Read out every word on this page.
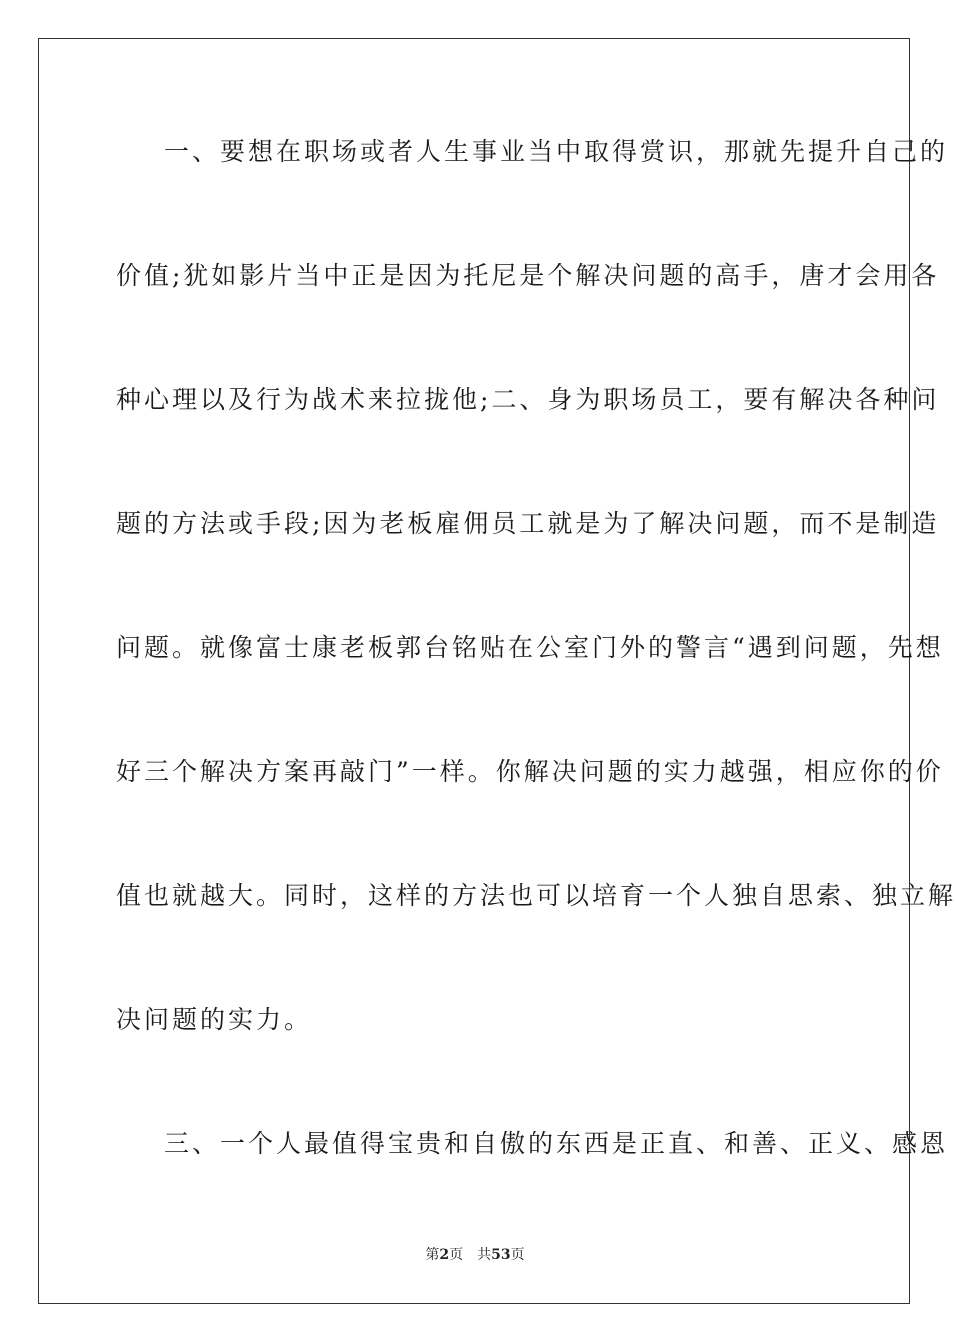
一、要想在职场或者人生事业当中取得赏识，那就先提升自己的
价值;犹如影片当中正是因为托尼是个解决问题的高手，唐才会用各
种心理以及行为战术来拉拢他;二、身为职场员工，要有解决各种问
题的方法或手段;因为老板雇佣员工就是为了解决问题，而不是制造
问题。就像富士康老板郭台铭贴在公室门外的警言“遇到问题，先想
好三个解决方案再敲门”一样。你解决问题的实力越强，相应你的价
值也就越大。同时，这样的方法也可以培育一个人独自思索、独立解
决问题的实力。
三、一个人最值得宝贵和自傲的东西是正直、和善、正义、感恩
第2页 共53页
